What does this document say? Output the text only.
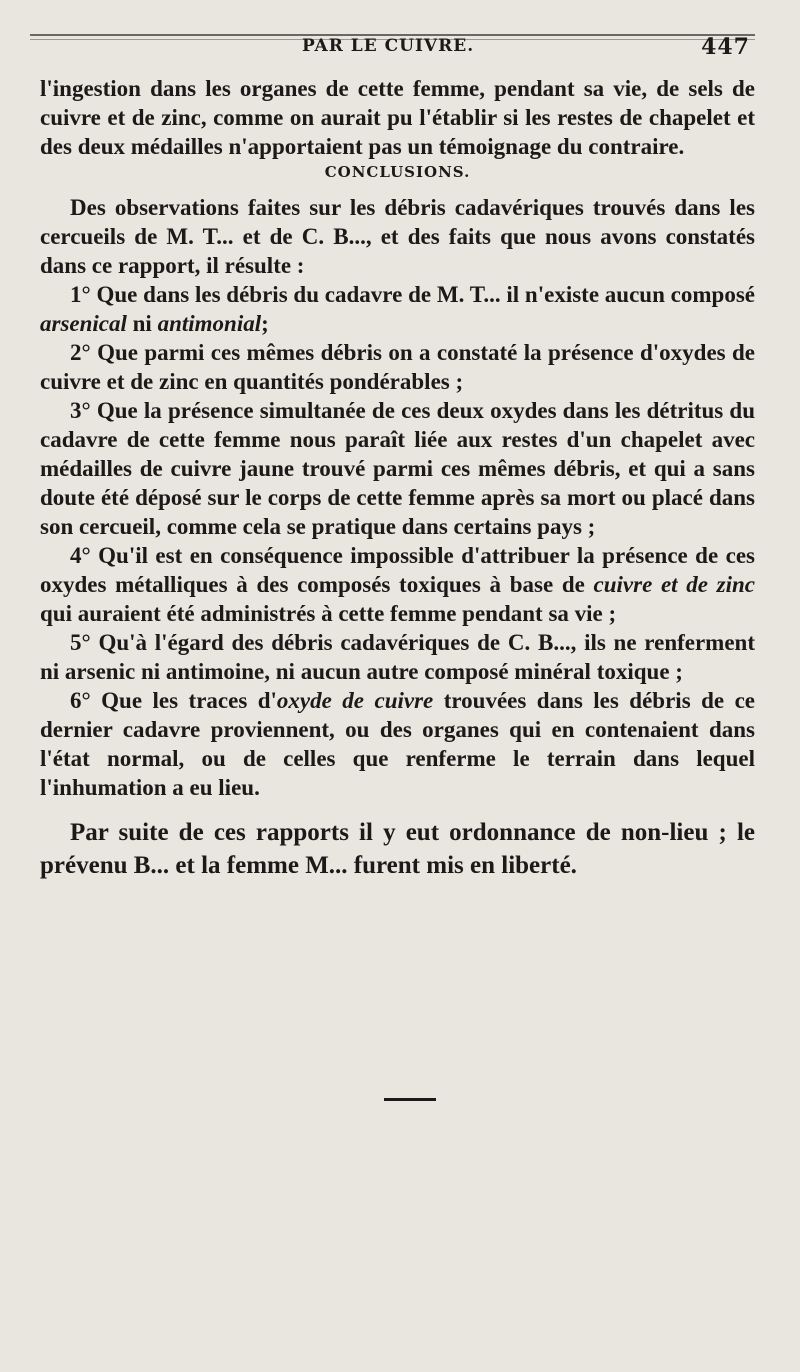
PAR LE CUIVRE.	447

l'ingestion dans les organes de cette femme, pendant sa vie, de sels de cuivre et de zinc, comme on aurait pu l'établir si les restes de chapelet et des deux médailles n'apportaient pas un témoignage du contraire.

CONCLUSIONS.

Des observations faites sur les débris cadavériques trouvés dans les cercueils de M. T... et de C. B..., et des faits que nous avons constatés dans ce rapport, il résulte :

1° Que dans les débris du cadavre de M. T... il n'existe aucun composé arsenical ni antimonial;

2° Que parmi ces mêmes débris on a constaté la présence d'oxydes de cuivre et de zinc en quantités pondérables ;

3° Que la présence simultanée de ces deux oxydes dans les détritus du cadavre de cette femme nous paraît liée aux restes d'un chapelet avec médailles de cuivre jaune trouvé parmi ces mêmes débris, et qui a sans doute été déposé sur le corps de cette femme après sa mort ou placé dans son cercueil, comme cela se pratique dans certains pays ;

4° Qu'il est en conséquence impossible d'attribuer la présence de ces oxydes métalliques à des composés toxiques à base de cuivre et de zinc qui auraient été administrés à cette femme pendant sa vie ;

5° Qu'à l'égard des débris cadavériques de C. B..., ils ne renferment ni arsenic ni antimoine, ni aucun autre composé minéral toxique ;

6° Que les traces d'oxyde de cuivre trouvées dans les débris de ce dernier cadavre proviennent, ou des organes qui en contenaient dans l'état normal, ou de celles que renferme le terrain dans lequel l'inhumation a eu lieu.

Par suite de ces rapports il y eut ordonnance de non-lieu ; le prévenu B... et la femme M... furent mis en liberté.
